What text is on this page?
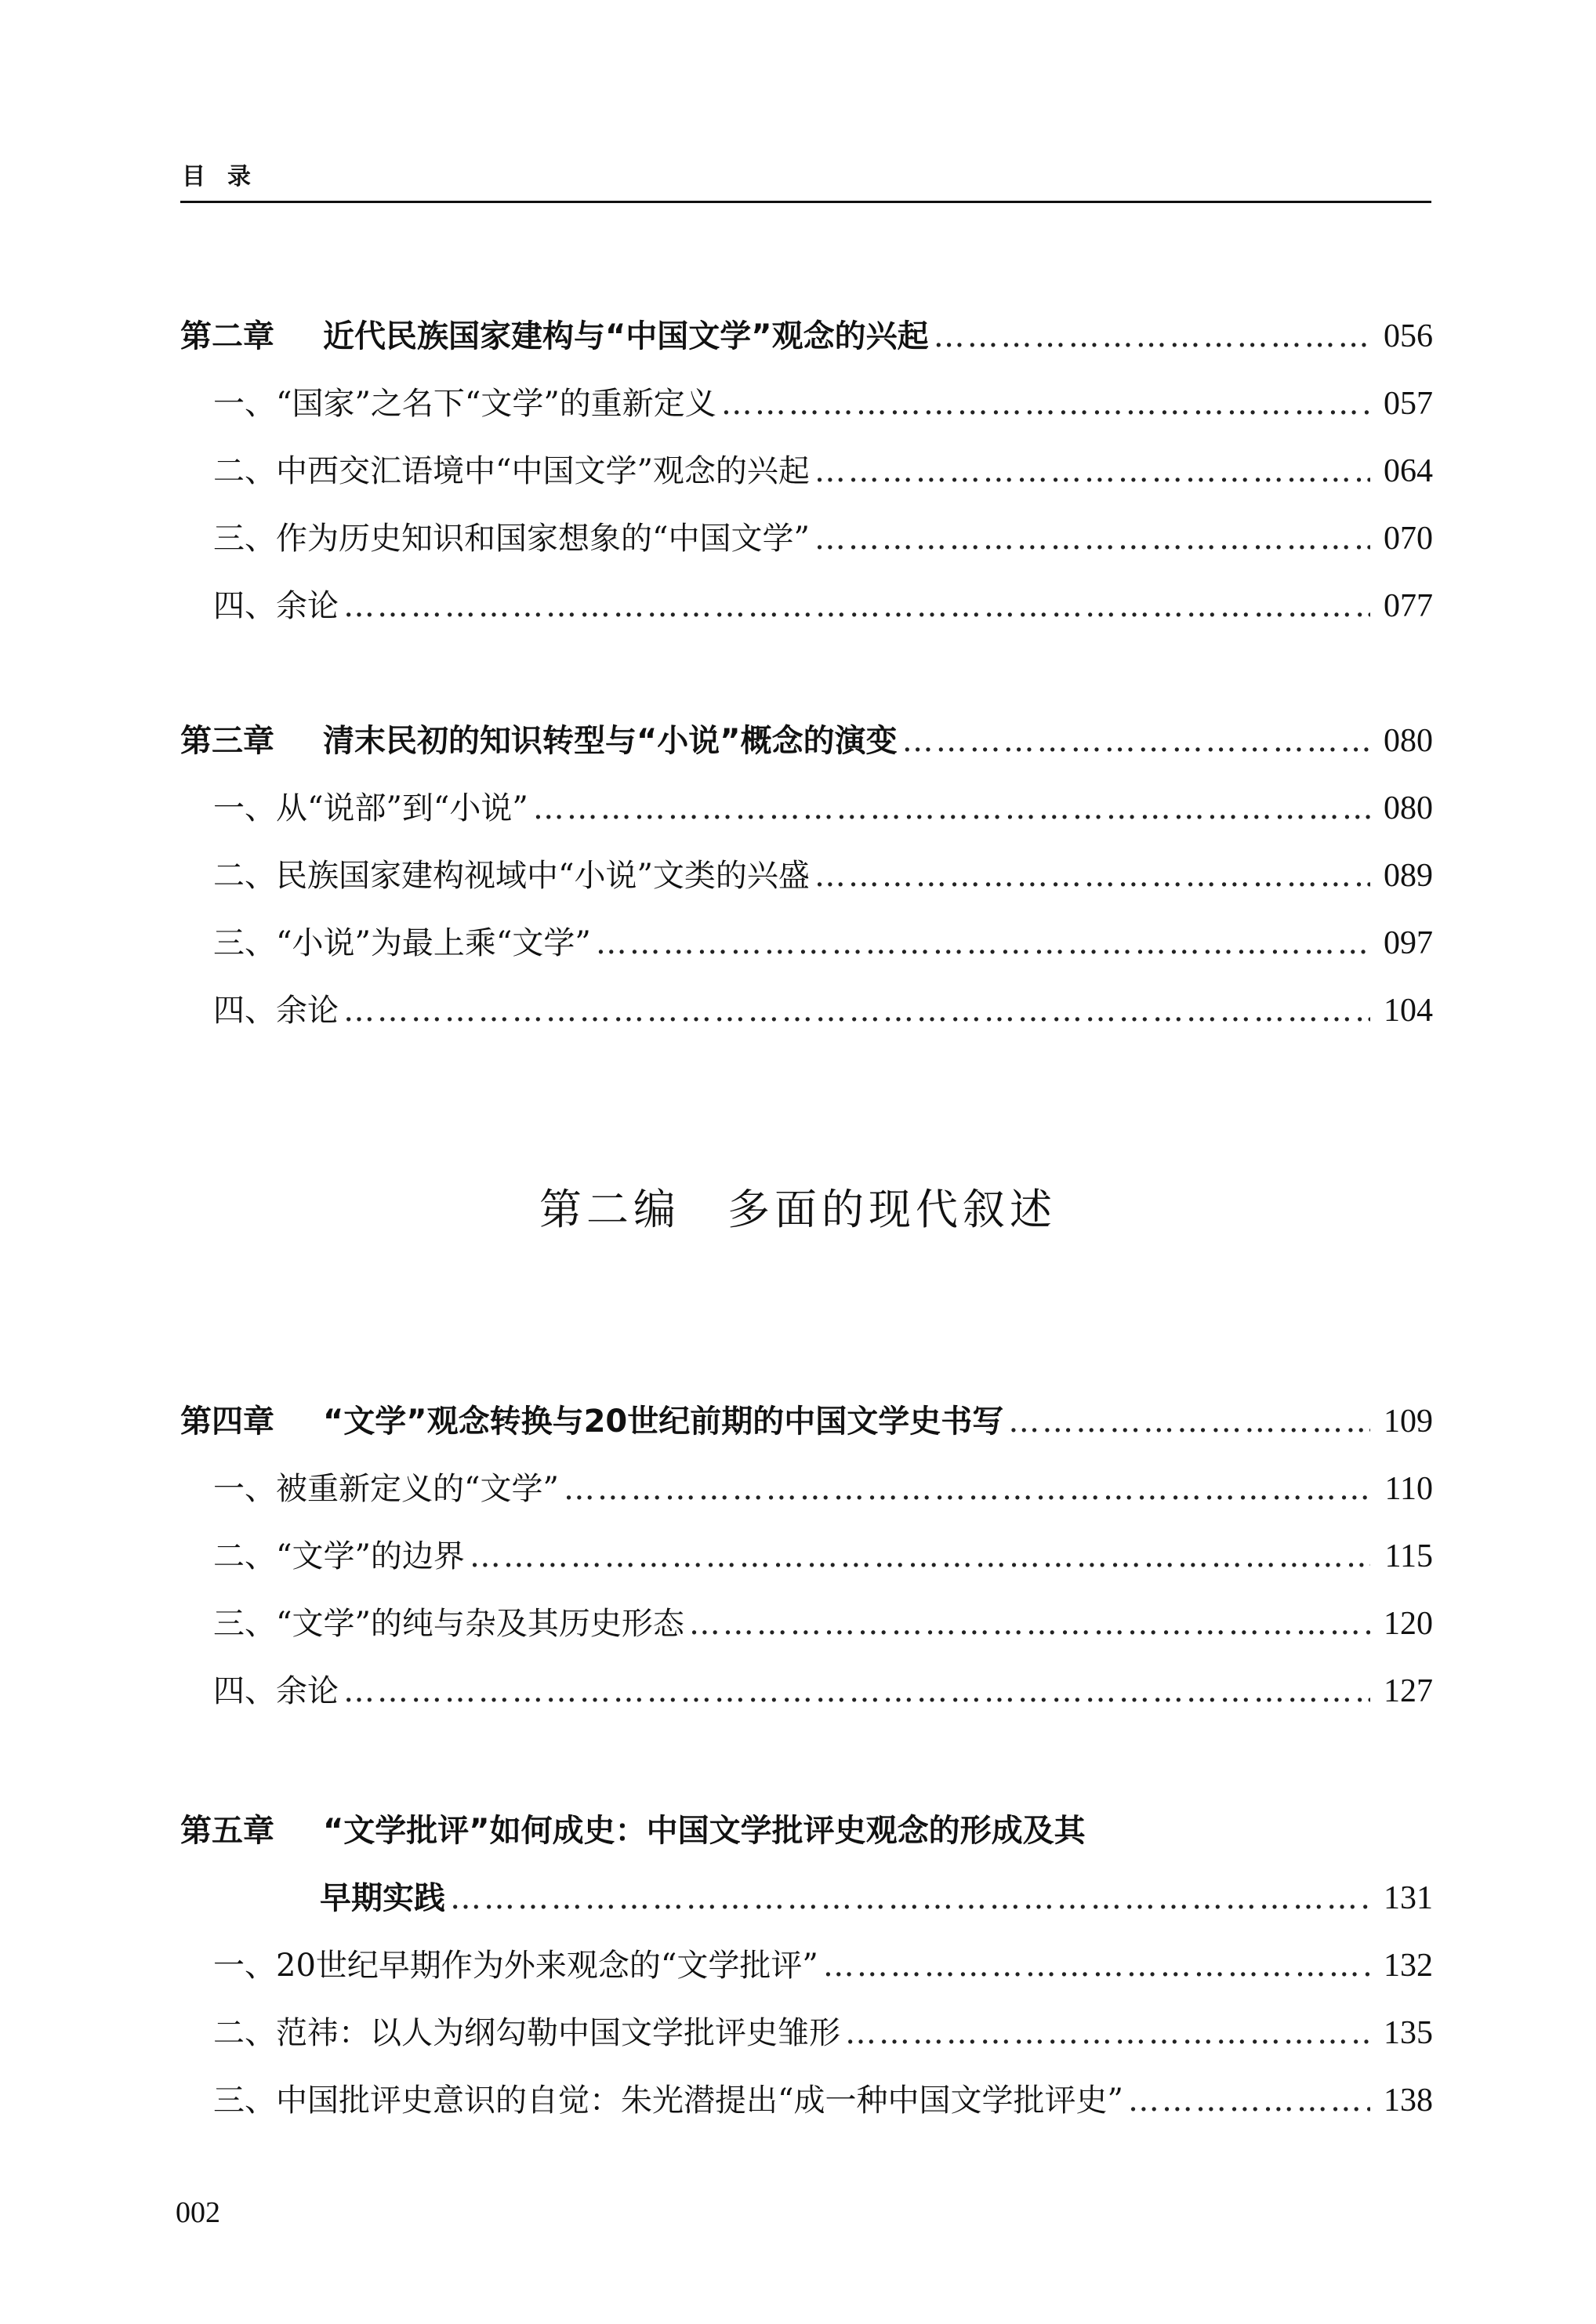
目录
第二章	近代民族国家建构与“中国文学”观念的兴起 ……………………………………………………………………………………………………………………………………………………………………………………………………………………	056
一、“国家”之名下“文学”的重新定义 ……………………………………………………………………………………………………………………………………………………………………………………………………………………	057
二、中西交汇语境中“中国文学”观念的兴起 ……………………………………………………………………………………………………………………………………………………………………………………………………………………	064
三、作为历史知识和国家想象的“中国文学” ……………………………………………………………………………………………………………………………………………………………………………………………………………………	070
四、余论 ……………………………………………………………………………………………………………………………………………………………………………………………………………………	077
第三章	清末民初的知识转型与“小说”概念的演变 ……………………………………………………………………………………………………………………………………………………………………………………………………………………	080
一、从“说部”到“小说” ……………………………………………………………………………………………………………………………………………………………………………………………………………………	080
二、民族国家建构视域中“小说”文类的兴盛 ……………………………………………………………………………………………………………………………………………………………………………………………………………………	089
三、“小说”为最上乘“文学” ……………………………………………………………………………………………………………………………………………………………………………………………………………………	097
四、余论 ……………………………………………………………………………………………………………………………………………………………………………………………………………………	104
第二编 多面的现代叙述
第四章	“文学”观念转换与20世纪前期的中国文学史书写 ……………………………………………………………………………………………………………………………………………………………………………………………………………………	109
一、被重新定义的“文学” ……………………………………………………………………………………………………………………………………………………………………………………………………………………	110
二、“文学”的边界 ……………………………………………………………………………………………………………………………………………………………………………………………………………………	115
三、“文学”的纯与杂及其历史形态 ……………………………………………………………………………………………………………………………………………………………………………………………………………………	120
四、余论 ……………………………………………………………………………………………………………………………………………………………………………………………………………………	127
第五章	“文学批评”如何成史：中国文学批评史观念的形成及其
早期实践 ……………………………………………………………………………………………………………………………………………………………………………………………………………………	131
一、20世纪早期作为外来观念的“文学批评” ……………………………………………………………………………………………………………………………………………………………………………………………………………………	132
二、范祎：以人为纲勾勒中国文学批评史雏形 ……………………………………………………………………………………………………………………………………………………………………………………………………………………	135
三、中国批评史意识的自觉：朱光潜提出“成一种中国文学批评史” ……………………………………………………………………………………………………………………………………………………………………………………………………………………	138
002
